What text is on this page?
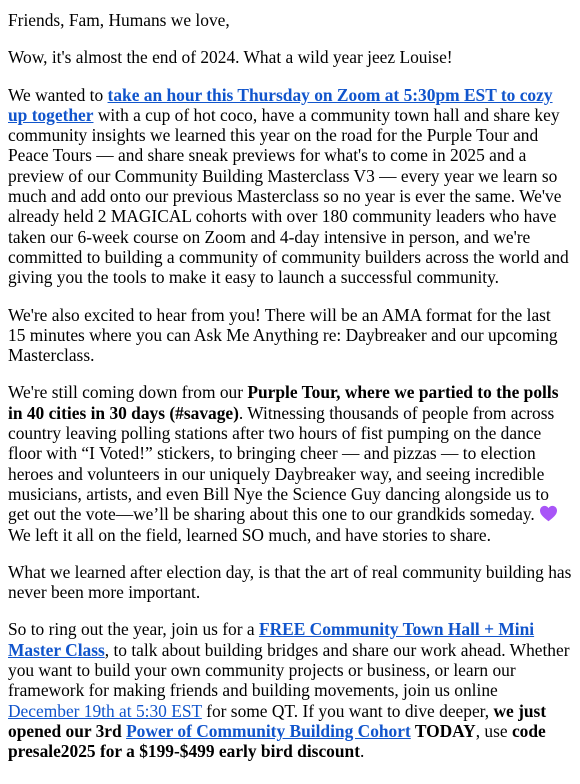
Friends, Fam, Humans we love,

Wow, it's almost the end of 2024. What a wild year jeez Louise!

We wanted to take an hour this Thursday on Zoom at 5:30pm EST to cozy up together with a cup of hot coco, have a community town hall and share key community insights we learned this year on the road for the Purple Tour and Peace Tours — and share sneak previews for what's to come in 2025 and a preview of our Community Building Masterclass V3 — every year we learn so much and add onto our previous Masterclass so no year is ever the same. We've already held 2 MAGICAL cohorts with over 180 community leaders who have taken our 6-week course on Zoom and 4-day intensive in person, and we're committed to building a community of community builders across the world and giving you the tools to make it easy to launch a successful community.

We're also excited to hear from you! There will be an AMA format for the last 15 minutes where you can Ask Me Anything re: Daybreaker and our upcoming Masterclass.

We're still coming down from our Purple Tour, where we partied to the polls in 40 cities in 30 days (#savage). Witnessing thousands of people from across country leaving polling stations after two hours of fist pumping on the dance floor with “I Voted!” stickers, to bringing cheer — and pizzas — to election heroes and volunteers in our uniquely Daybreaker way, and seeing incredible musicians, artists, and even Bill Nye the Science Guy dancing alongside us to get out the vote—we’ll be sharing about this one to our grandkids someday.  We left it all on the field, learned SO much, and have stories to share.

What we learned after election day, is that the art of real community building has never been more important.

So to ring out the year, join us for a FREE Community Town Hall + Mini Master Class, to talk about building bridges and share our work ahead. Whether you want to build your own community projects or business, or learn our framework for making friends and building movements, join us online December 19th at 5:30 EST for some QT. If you want to dive deeper, we just opened our 3rd Power of Community Building Cohort TODAY, use code presale2025 for a $199-$499 early bird discount.
